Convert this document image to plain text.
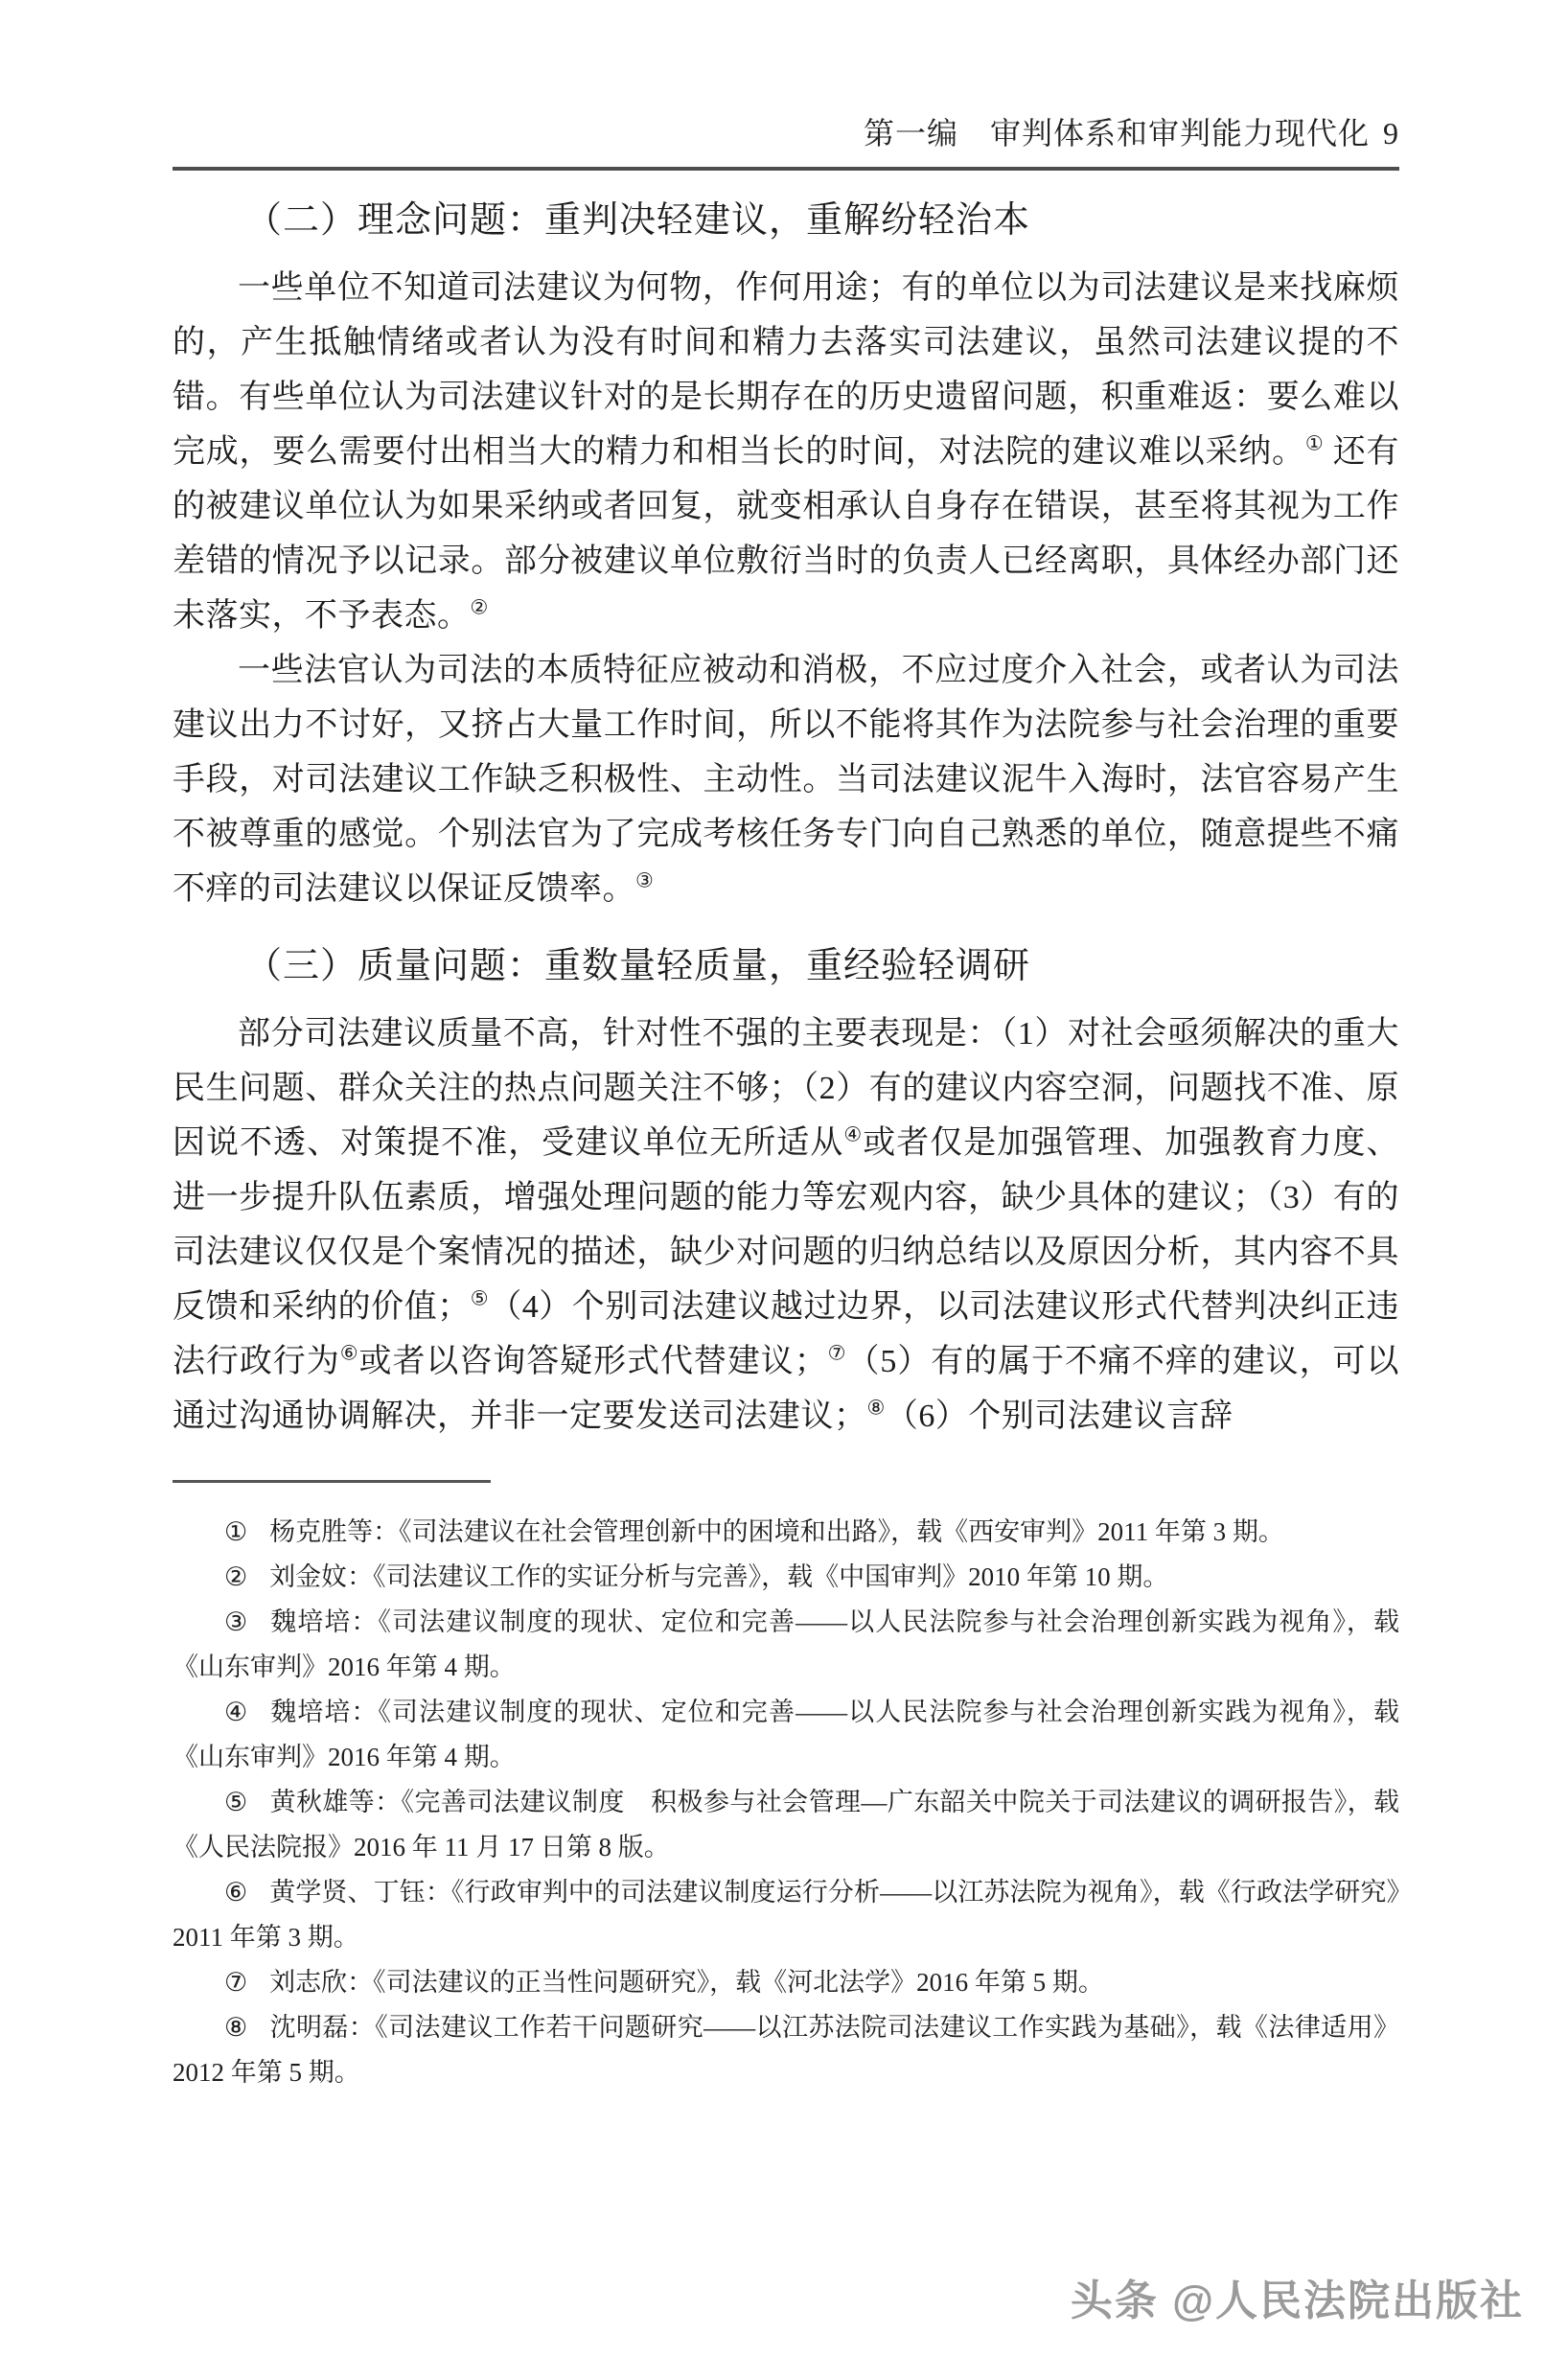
第一编　审判体系和审判能力现代化 9
（二）理念问题：重判决轻建议，重解纷轻治本

一些单位不知道司法建议为何物，作何用途；有的单位以为司法建议是来找麻烦的，产生抵触情绪或者认为没有时间和精力去落实司法建议，虽然司法建议提的不错。有些单位认为司法建议针对的是长期存在的历史遗留问题，积重难返：要么难以完成，要么需要付出相当大的精力和相当长的时间，对法院的建议难以采纳。① 还有的被建议单位认为如果采纳或者回复，就变相承认自身存在错误，甚至将其视为工作差错的情况予以记录。部分被建议单位敷衍当时的负责人已经离职，具体经办部门还未落实，不予表态。②

一些法官认为司法的本质特征应被动和消极，不应过度介入社会，或者认为司法建议出力不讨好，又挤占大量工作时间，所以不能将其作为法院参与社会治理的重要手段，对司法建议工作缺乏积极性、主动性。当司法建议泥牛入海时，法官容易产生不被尊重的感觉。个别法官为了完成考核任务专门向自己熟悉的单位，随意提些不痛不痒的司法建议以保证反馈率。③

（三）质量问题：重数量轻质量，重经验轻调研

部分司法建议质量不高，针对性不强的主要表现是：（1）对社会亟须解决的重大民生问题、群众关注的热点问题关注不够；（2）有的建议内容空洞，问题找不准、原因说不透、对策提不准，受建议单位无所适从④或者仅是加强管理、加强教育力度、进一步提升队伍素质，增强处理问题的能力等宏观内容，缺少具体的建议；（3）有的司法建议仅仅是个案情况的描述，缺少对问题的归纳总结以及原因分析，其内容不具反馈和采纳的价值；⑤（4）个别司法建议越过边界，以司法建议形式代替判决纠正违法行政行为⑥或者以咨询答疑形式代替建议；⑦（5）有的属于不痛不痒的建议，可以通过沟通协调解决，并非一定要发送司法建议；⑧（6）个别司法建议言辞

① 杨克胜等：《司法建议在社会管理创新中的困境和出路》，载《西安审判》2011 年第 3 期。

② 刘金妏：《司法建议工作的实证分析与完善》，载《中国审判》2010 年第 10 期。

③ 魏培培：《司法建议制度的现状、定位和完善——以人民法院参与社会治理创新实践为视角》，载《山东审判》2016 年第 4 期。

④ 魏培培：《司法建议制度的现状、定位和完善——以人民法院参与社会治理创新实践为视角》，载《山东审判》2016 年第 4 期。

⑤ 黄秋雄等：《完善司法建议制度　积极参与社会管理—广东韶关中院关于司法建议的调研报告》，载《人民法院报》2016 年 11 月 17 日第 8 版。

⑥ 黄学贤、丁钰：《行政审判中的司法建议制度运行分析——以江苏法院为视角》，载《行政法学研究》2011 年第 3 期。

⑦ 刘志欣：《司法建议的正当性问题研究》，载《河北法学》2016 年第 5 期。

⑧ 沈明磊：《司法建议工作若干问题研究——以江苏法院司法建议工作实践为基础》，载《法律适用》2012 年第 5 期。

头条 @人民法院出版社
